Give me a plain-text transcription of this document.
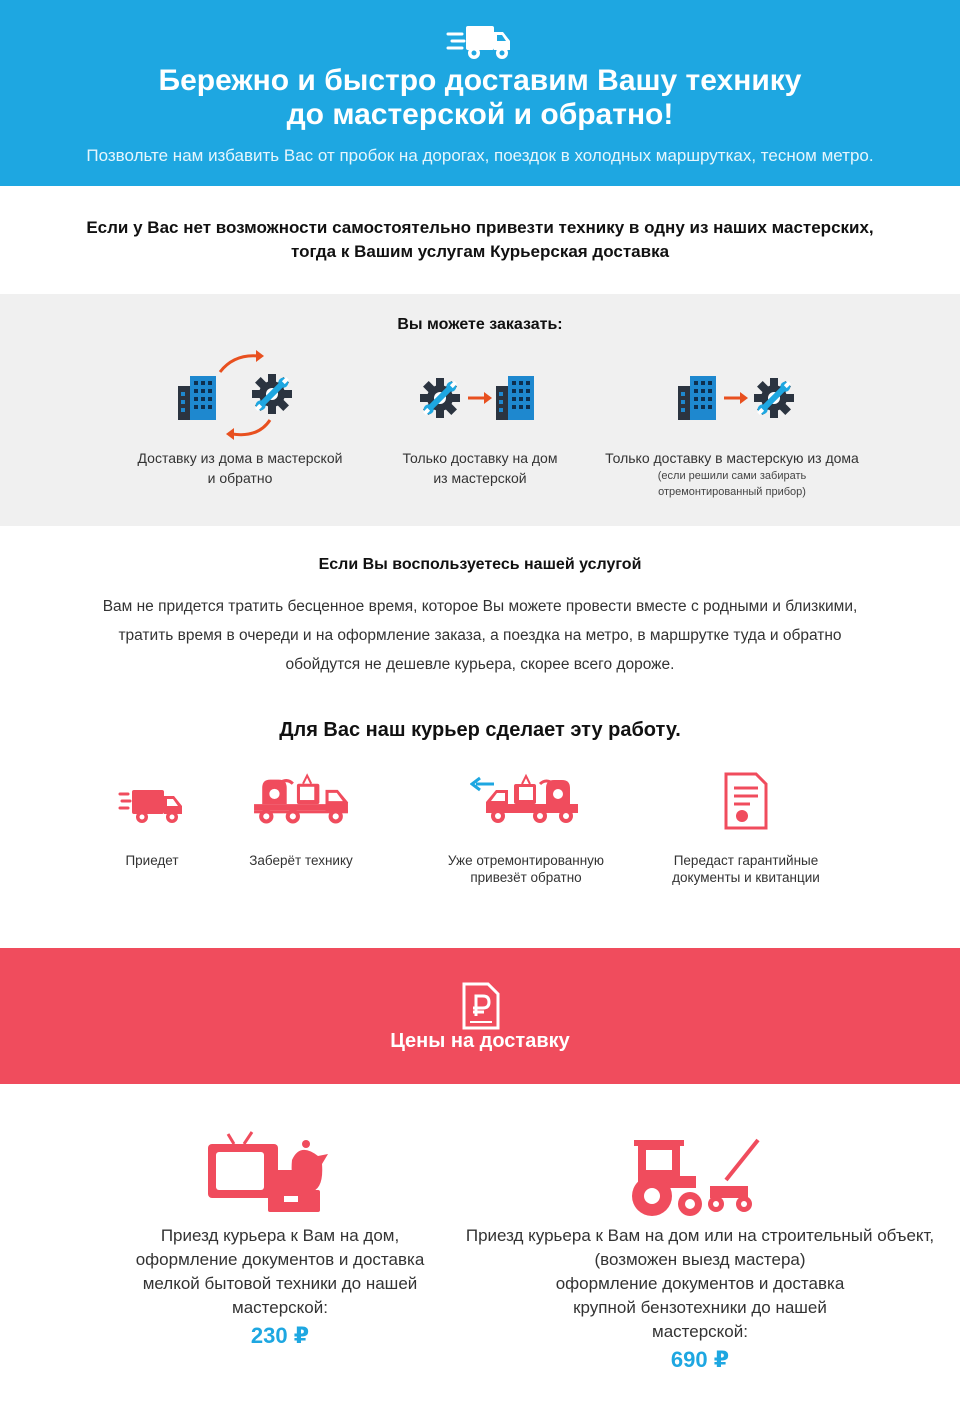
Бережно и быстро доставим Вашу технику
до мастерской и обратно!

Позвольте нам избавить Вас от пробок на дорогах, поездок в холодных маршрутках, тесном метро.

Если у Вас нет возможности самостоятельно привезти технику в одну из наших мастерских,
тогда к Вашим услугам Курьерская доставка
Вы можете заказать:
Доставку из дома в мастерской
и обратно
Только доставку на дом
из мастерской
Только доставку в мастерскую из дома
(если решили сами забирать
отремонтированный прибор)
Если Вы воспользуетесь нашей услугой

Вам не придется тратить бесценное время, которое Вы можете провести вместе с родными и близкими,
тратить время в очереди и на оформление заказа, а поездка на метро, в маршрутке туда и обратно
обойдутся не дешевле курьера, скорее всего дороже.

Для Вас наш курьер сделает эту работу.
Приедет	Заберёт технику	Уже отремонтированную
привезёт обратно
Передаст гарантийные
документы и квитанции
Цены на доставку
Приезд курьера к Вам на дом,
оформление документов и доставка
мелкой бытовой техники до нашей
мастерской:
230 ₽
Приезд курьера к Вам на дом или на строительный объект,
(возможен выезд мастера)
оформление документов и доставка
крупной бензотехники до нашей
мастерской:
690 ₽
